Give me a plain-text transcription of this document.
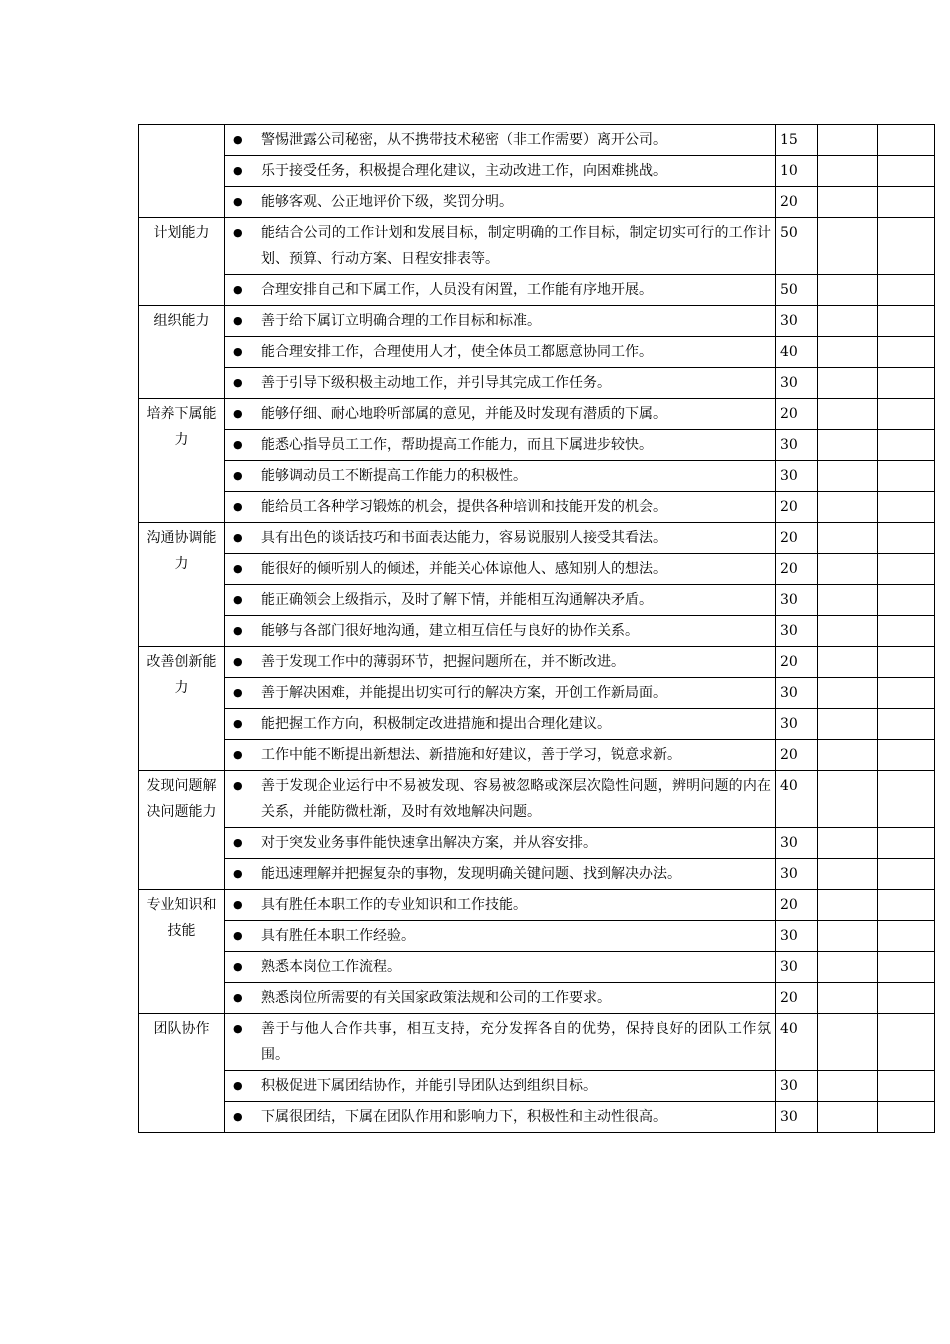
	● 警惕泄露公司秘密，从不携带技术秘密（非工作需要）离开公司。	15		

	● 乐于接受任务，积极提合理化建议，主动改进工作，向困难挑战。	10		

	● 能够客观、公正地评价下级，奖罚分明。	20		
计划能力	● 能结合公司的工作计划和发展目标，制定明确的工作目标，制定切实可行的工作计划、预算、行动方案、日程安排表等。	50		

	● 合理安排自己和下属工作，人员没有闲置，工作能有序地开展。	50		
组织能力	● 善于给下属订立明确合理的工作目标和标准。	30		

	● 能合理安排工作，合理使用人才，使全体员工都愿意协同工作。	40		

	● 善于引导下级积极主动地工作，并引导其完成工作任务。	30		
培养下属能力	● 能够仔细、耐心地聆听部属的意见，并能及时发现有潜质的下属。	20		

	● 能悉心指导员工工作，帮助提高工作能力，而且下属进步较快。	30		

	● 能够调动员工不断提高工作能力的积极性。	30		

	● 能给员工各种学习锻炼的机会，提供各种培训和技能开发的机会。	20		
沟通协调能力	● 具有出色的谈话技巧和书面表达能力，容易说服别人接受其看法。	20		

	● 能很好的倾听别人的倾述，并能关心体谅他人、感知别人的想法。	20		

	● 能正确领会上级指示，及时了解下情，并能相互沟通解决矛盾。	30		

	● 能够与各部门很好地沟通，建立相互信任与良好的协作关系。	30		
改善创新能力	● 善于发现工作中的薄弱环节，把握问题所在，并不断改进。	20		

	● 善于解决困难，并能提出切实可行的解决方案，开创工作新局面。	30		

	● 能把握工作方向，积极制定改进措施和提出合理化建议。	30		

	● 工作中能不断提出新想法、新措施和好建议，善于学习，锐意求新。	20		
发现问题解决问题能力	● 善于发现企业运行中不易被发现、容易被忽略或深层次隐性问题，辨明问题的内在关系，并能防微杜渐，及时有效地解决问题。	40		

	● 对于突发业务事件能快速拿出解决方案，并从容安排。	30		

	● 能迅速理解并把握复杂的事物，发现明确关键问题、找到解决办法。	30		
专业知识和技能	● 具有胜任本职工作的专业知识和工作技能。	20		

	● 具有胜任本职工作经验。	30		

	● 熟悉本岗位工作流程。	30		

	● 熟悉岗位所需要的有关国家政策法规和公司的工作要求。	20		
团队协作	● 善于与他人合作共事，相互支持，充分发挥各自的优势，保持良好的团队工作氛围。	40		

	● 积极促进下属团结协作，并能引导团队达到组织目标。	30		

	● 下属很团结，下属在团队作用和影响力下，积极性和主动性很高。	30		
